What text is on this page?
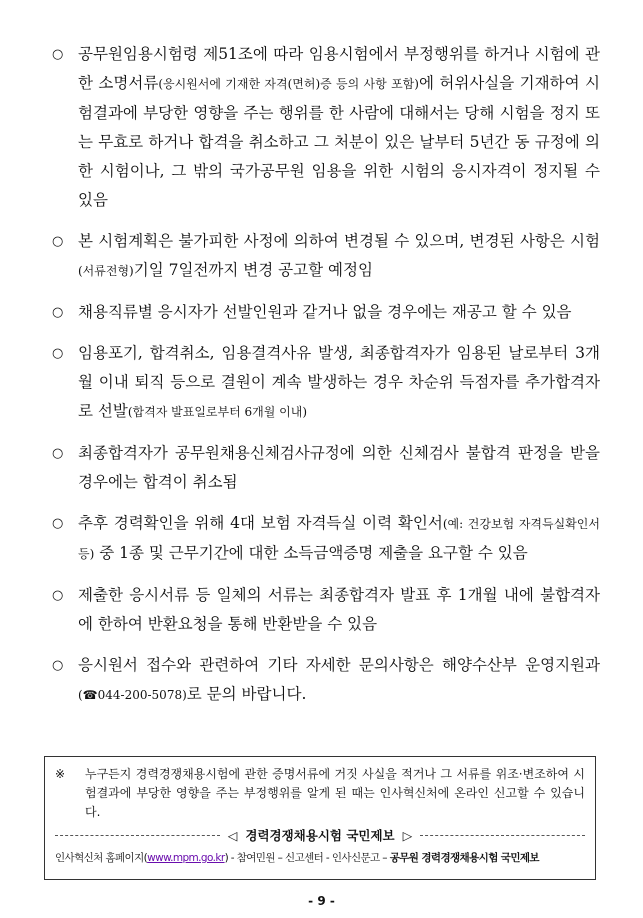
○ 공무원임용시험령 제51조에 따라 임용시험에서 부정행위를 하거나 시험에 관한 소명서류(응시원서에 기재한 자격(면허)증 등의 사항 포함)에 허위사실을 기재하여 시험결과에 부당한 영향을 주는 행위를 한 사람에 대해서는 당해 시험을 정지 또는 무효로 하거나 합격을 취소하고 그 처분이 있은 날부터 5년간 동 규정에 의한 시험이나, 그 밖의 국가공무원 임용을 위한 시험의 응시자격이 정지될 수 있음
○ 본 시험계획은 불가피한 사정에 의하여 변경될 수 있으며, 변경된 사항은 시험(서류전형)기일 7일전까지 변경 공고할 예정임
○ 채용직류별 응시자가 선발인원과 같거나 없을 경우에는 재공고 할 수 있음
○ 임용포기, 합격취소, 임용결격사유 발생, 최종합격자가 임용된 날로부터 3개월 이내 퇴직 등으로 결원이 계속 발생하는 경우 차순위 득점자를 추가합격자로 선발(합격자 발표일로부터 6개월 이내)
○ 최종합격자가 공무원채용신체검사규정에 의한 신체검사 불합격 판정을 받을 경우에는 합격이 취소됨
○ 추후 경력확인을 위해 4대 보험 자격득실 이력 확인서(예: 건강보험 자격득실확인서 등) 중 1종 및 근무기간에 대한 소득금액증명 제출을 요구할 수 있음
○ 제출한 응시서류 등 일체의 서류는 최종합격자 발표 후 1개월 내에 불합격자에 한하여 반환요청을 통해 반환받을 수 있음
○ 응시원서 접수와 관련하여 기타 자세한 문의사항은 해양수산부 운영지원과(☎044-200-5078)로 문의 바랍니다.
※ 누구든지 경력경쟁채용시험에 관한 증명서류에 거짓 사실을 적거나 그 서류를 위조·변조하여 시험결과에 부당한 영향을 주는 부정행위를 알게 된 때는 인사혁신처에 온라인 신고할 수 있습니다.
◁ 경력경쟁채용시험 국민제보 ▷
인사혁신처 홈페이지(www.mpm.go.kr) - 참여민원 – 신고센터 - 인사신문고 – 공무원 경력경쟁채용시험 국민제보
- 9 -
